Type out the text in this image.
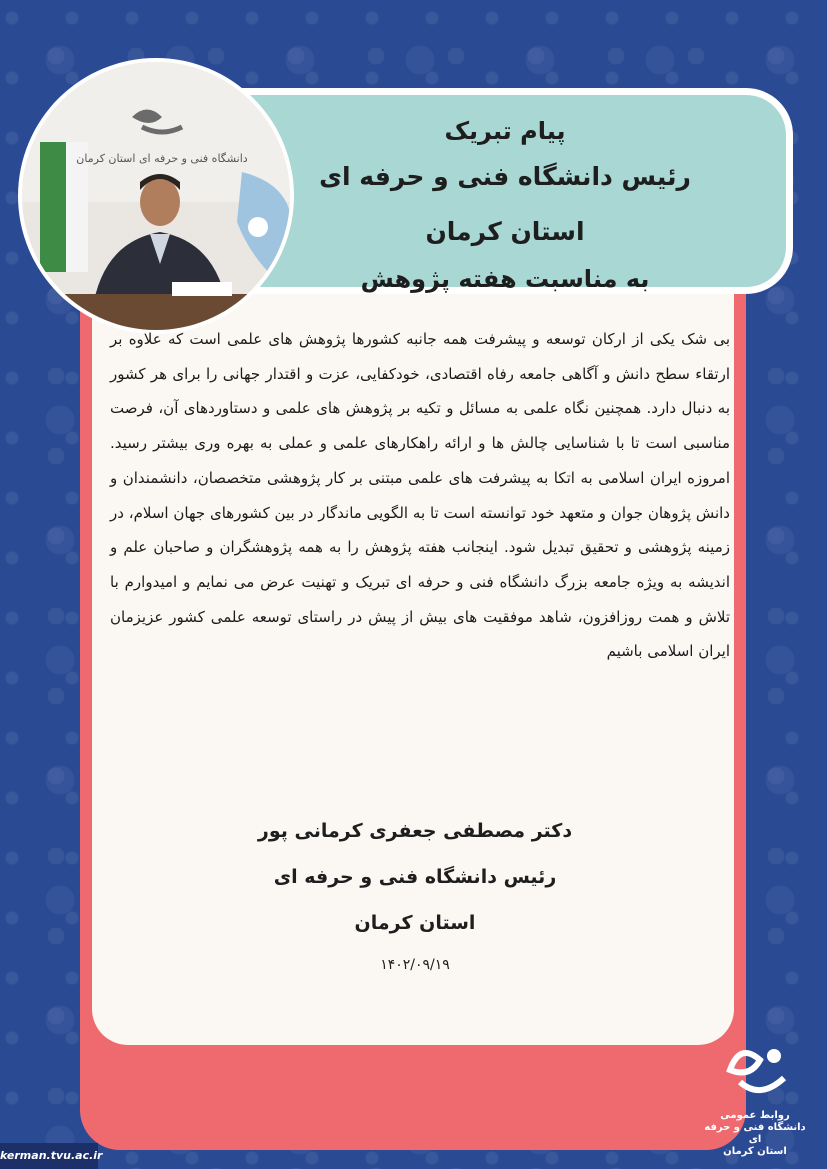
پیام تبریک
رئیس دانشگاه فنی و حرفه ای استان کرمان
به مناسبت هفته پژوهش
دانشگاه فنی و حرفه ای استان کرمان
بی شک یکی از ارکان توسعه و پیشرفت همه جانبه کشورها پژوهش های علمی است که علاوه بر ارتقاء سطح دانش و آگاهی جامعه رفاه اقتصادی، خودکفایی، عزت و اقتدار جهانی را برای هر کشور به دنبال دارد. همچنین نگاه علمی به مسائل و تکیه بر پژوهش های علمی و دستاوردهای آن، فرصت مناسبی است تا با شناسایی چالش ها و ارائه راهکارهای علمی و عملی به بهره وری بیشتر رسید. امروزه ایران اسلامی به اتکا به پیشرفت های علمی مبتنی بر کار پژوهشی متخصصان، دانشمندان و دانش پژوهان جوان و متعهد خود توانسته است تا به الگویی ماندگار در بین کشورهای جهان اسلام، در زمینه پژوهشی و تحقیق تبدیل شود. اینجانب هفته پژوهش را به همه پژوهشگران و صاحبان علم و اندیشه به ویژه جامعه بزرگ دانشگاه فنی و حرفه ای تبریک و تهنیت عرض می نمایم و امیدوارم با تلاش و همت روزافزون، شاهد موفقیت های بیش از پیش در راستای توسعه علمی کشور عزیزمان ایران اسلامی باشیم
دکتر مصطفی جعفری کرمانی پور
رئیس دانشگاه فنی و حرفه ای
استان کرمان
۱۴۰۲/۰۹/۱۹
روابط عمومی
دانشگاه فنی و حرفه ای
استان کرمان
kerman.tvu.ac.ir
